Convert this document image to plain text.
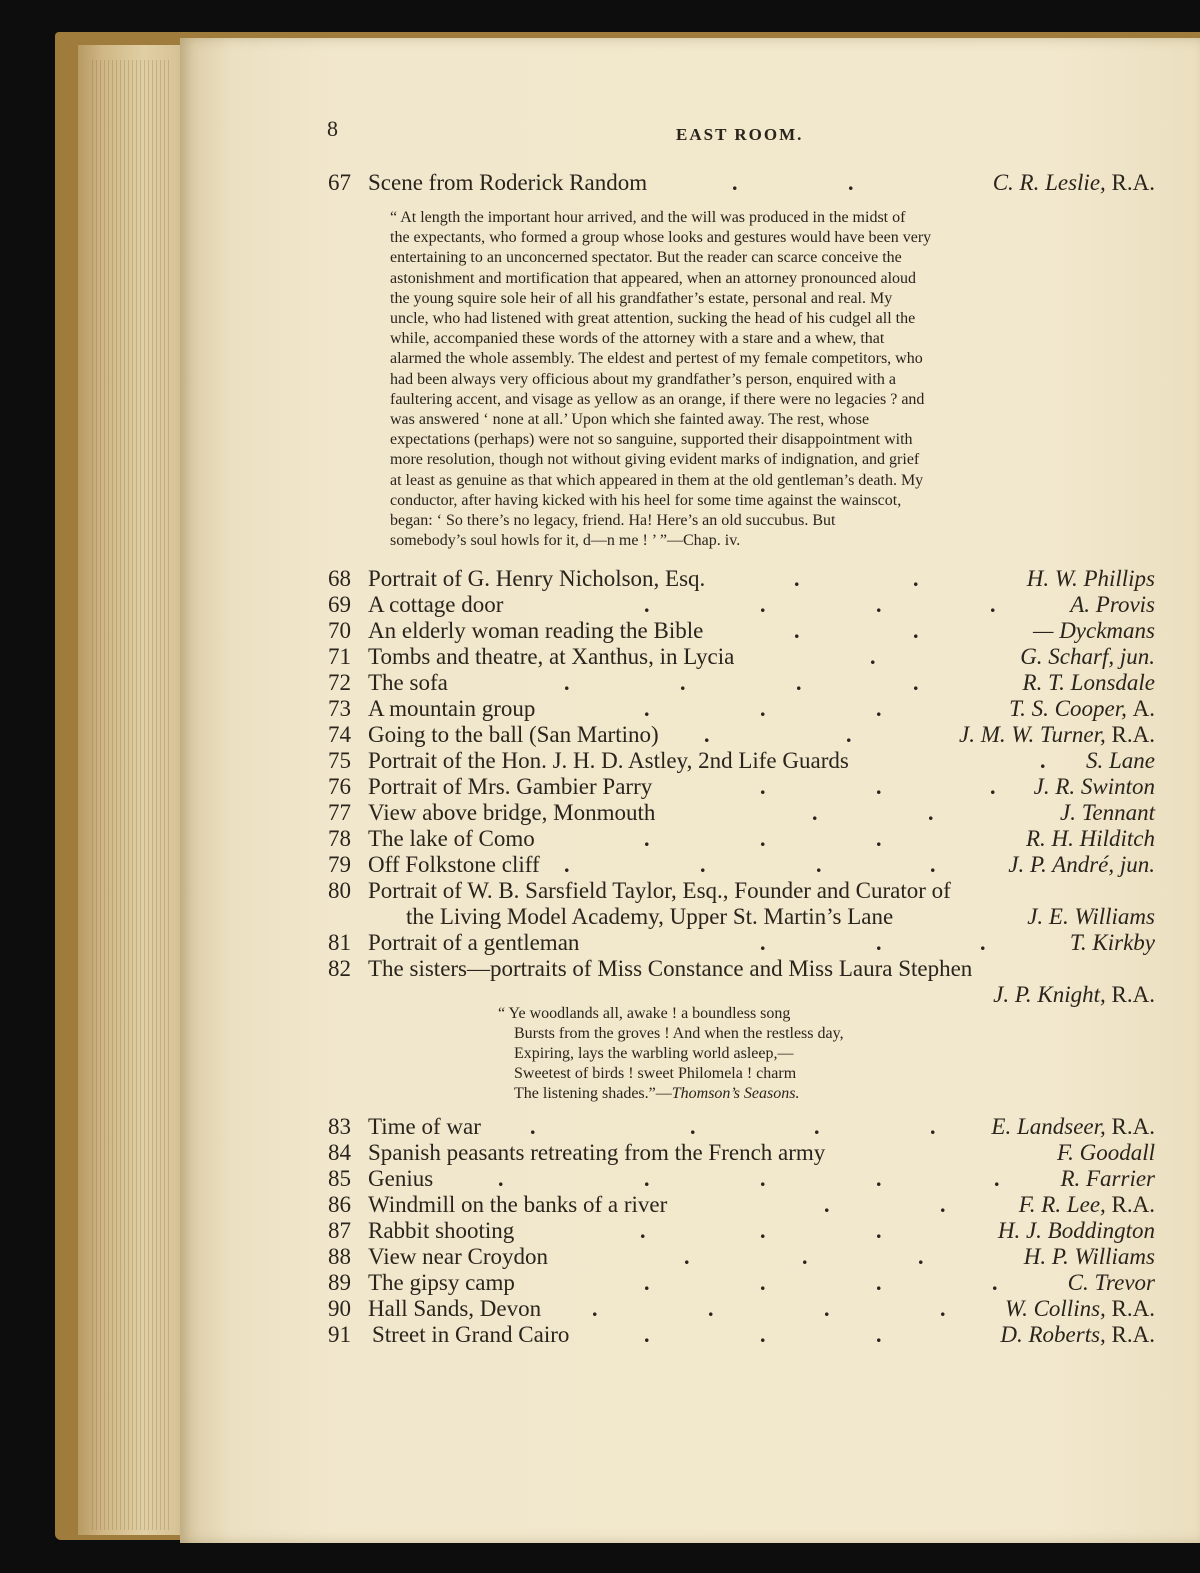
8	EAST ROOM.
67 Scene from Roderick Random	.	.	C. R. Leslie, R.A.
“ At length the important hour arrived, and the will was produced in the midst of
the expectants, who formed a group whose looks and gestures would have been very
entertaining to an unconcerned spectator. But the reader can scarce conceive the
astonishment and mortification that appeared, when an attorney pronounced aloud
the young squire sole heir of all his grandfather’s estate, personal and real. My
uncle, who had listened with great attention, sucking the head of his cudgel all the
while, accompanied these words of the attorney with a stare and a whew, that
alarmed the whole assembly. The eldest and pertest of my female competitors, who
had been always very officious about my grandfather’s person, enquired with a
faultering accent, and visage as yellow as an orange, if there were no legacies ? and
was answered ‘ none at all.’ Upon which she fainted away. The rest, whose
expectations (perhaps) were not so sanguine, supported their disappointment with
more resolution, though not without giving evident marks of indignation, and grief
at least as genuine as that which appeared in them at the old gentleman’s death. My
conductor, after having kicked with his heel for some time against the wainscot,
began: ‘ So there’s no legacy, friend. Ha! Here’s an old succubus. But
somebody’s soul howls for it, d—n me ! ’ ”—Chap. iv.
68 Portrait of G. Henry Nicholson, Esq.	.	.	H. W. Phillips
69 A cottage door	.	.	.	.	A. Provis
70 An elderly woman reading the Bible	.	.	— Dyckmans
71 Tombs and theatre, at Xanthus, in Lycia	.	G. Scharf, jun.
72 The sofa	.	.	.	.	R. T. Lonsdale
73 A mountain group	.	.	.	T. S. Cooper, A.
74 Going to the ball (San Martino) .	.	J. M. W. Turner, R.A.
75 Portrait of the Hon. J. H. D. Astley, 2nd Life Guards	. S. Lane
76 Portrait of Mrs. Gambier Parry	.	.	. J. R. Swinton
77 View above bridge, Monmouth	.	.	J. Tennant
78 The lake of Como	.	.	.	R. H. Hilditch
79 Off Folkstone cliff .	.	.	.	J. P. André, jun.
80 Portrait of W. B. Sarsfield Taylor, Esq., Founder and Curator of
the Living Model Academy, Upper St. Martin’s Lane	J. E. Williams
81 Portrait of a gentleman	.	.	.	T. Kirkby
82 The sisters—portraits of Miss Constance and Miss Laura Stephen
J. P. Knight, R.A.
“ Ye woodlands all, awake ! a boundless song
Bursts from the groves ! And when the restless day,
Expiring, lays the warbling world asleep,—
Sweetest of birds ! sweet Philomela ! charm
The listening shades.”—Thomson’s Seasons.
83 Time of war .	.	.	. E. Landseer, R.A.
84 Spanish peasants retreating from the French army	F. Goodall
85 Genius	.	.	.	.	.	R. Farrier
86 Windmill on the banks of a river	.	.	F. R. Lee, R.A.
87 Rabbit shooting	.	.	.	H. J. Boddington
88 View near Croydon	.	.	.	H. P. Williams
89 The gipsy camp	.	.	.	.	C. Trevor
90 Hall Sands, Devon .	.	.	.	W. Collins, R.A.
91 Street in Grand Cairo	.	.	.	D. Roberts, R.A.
